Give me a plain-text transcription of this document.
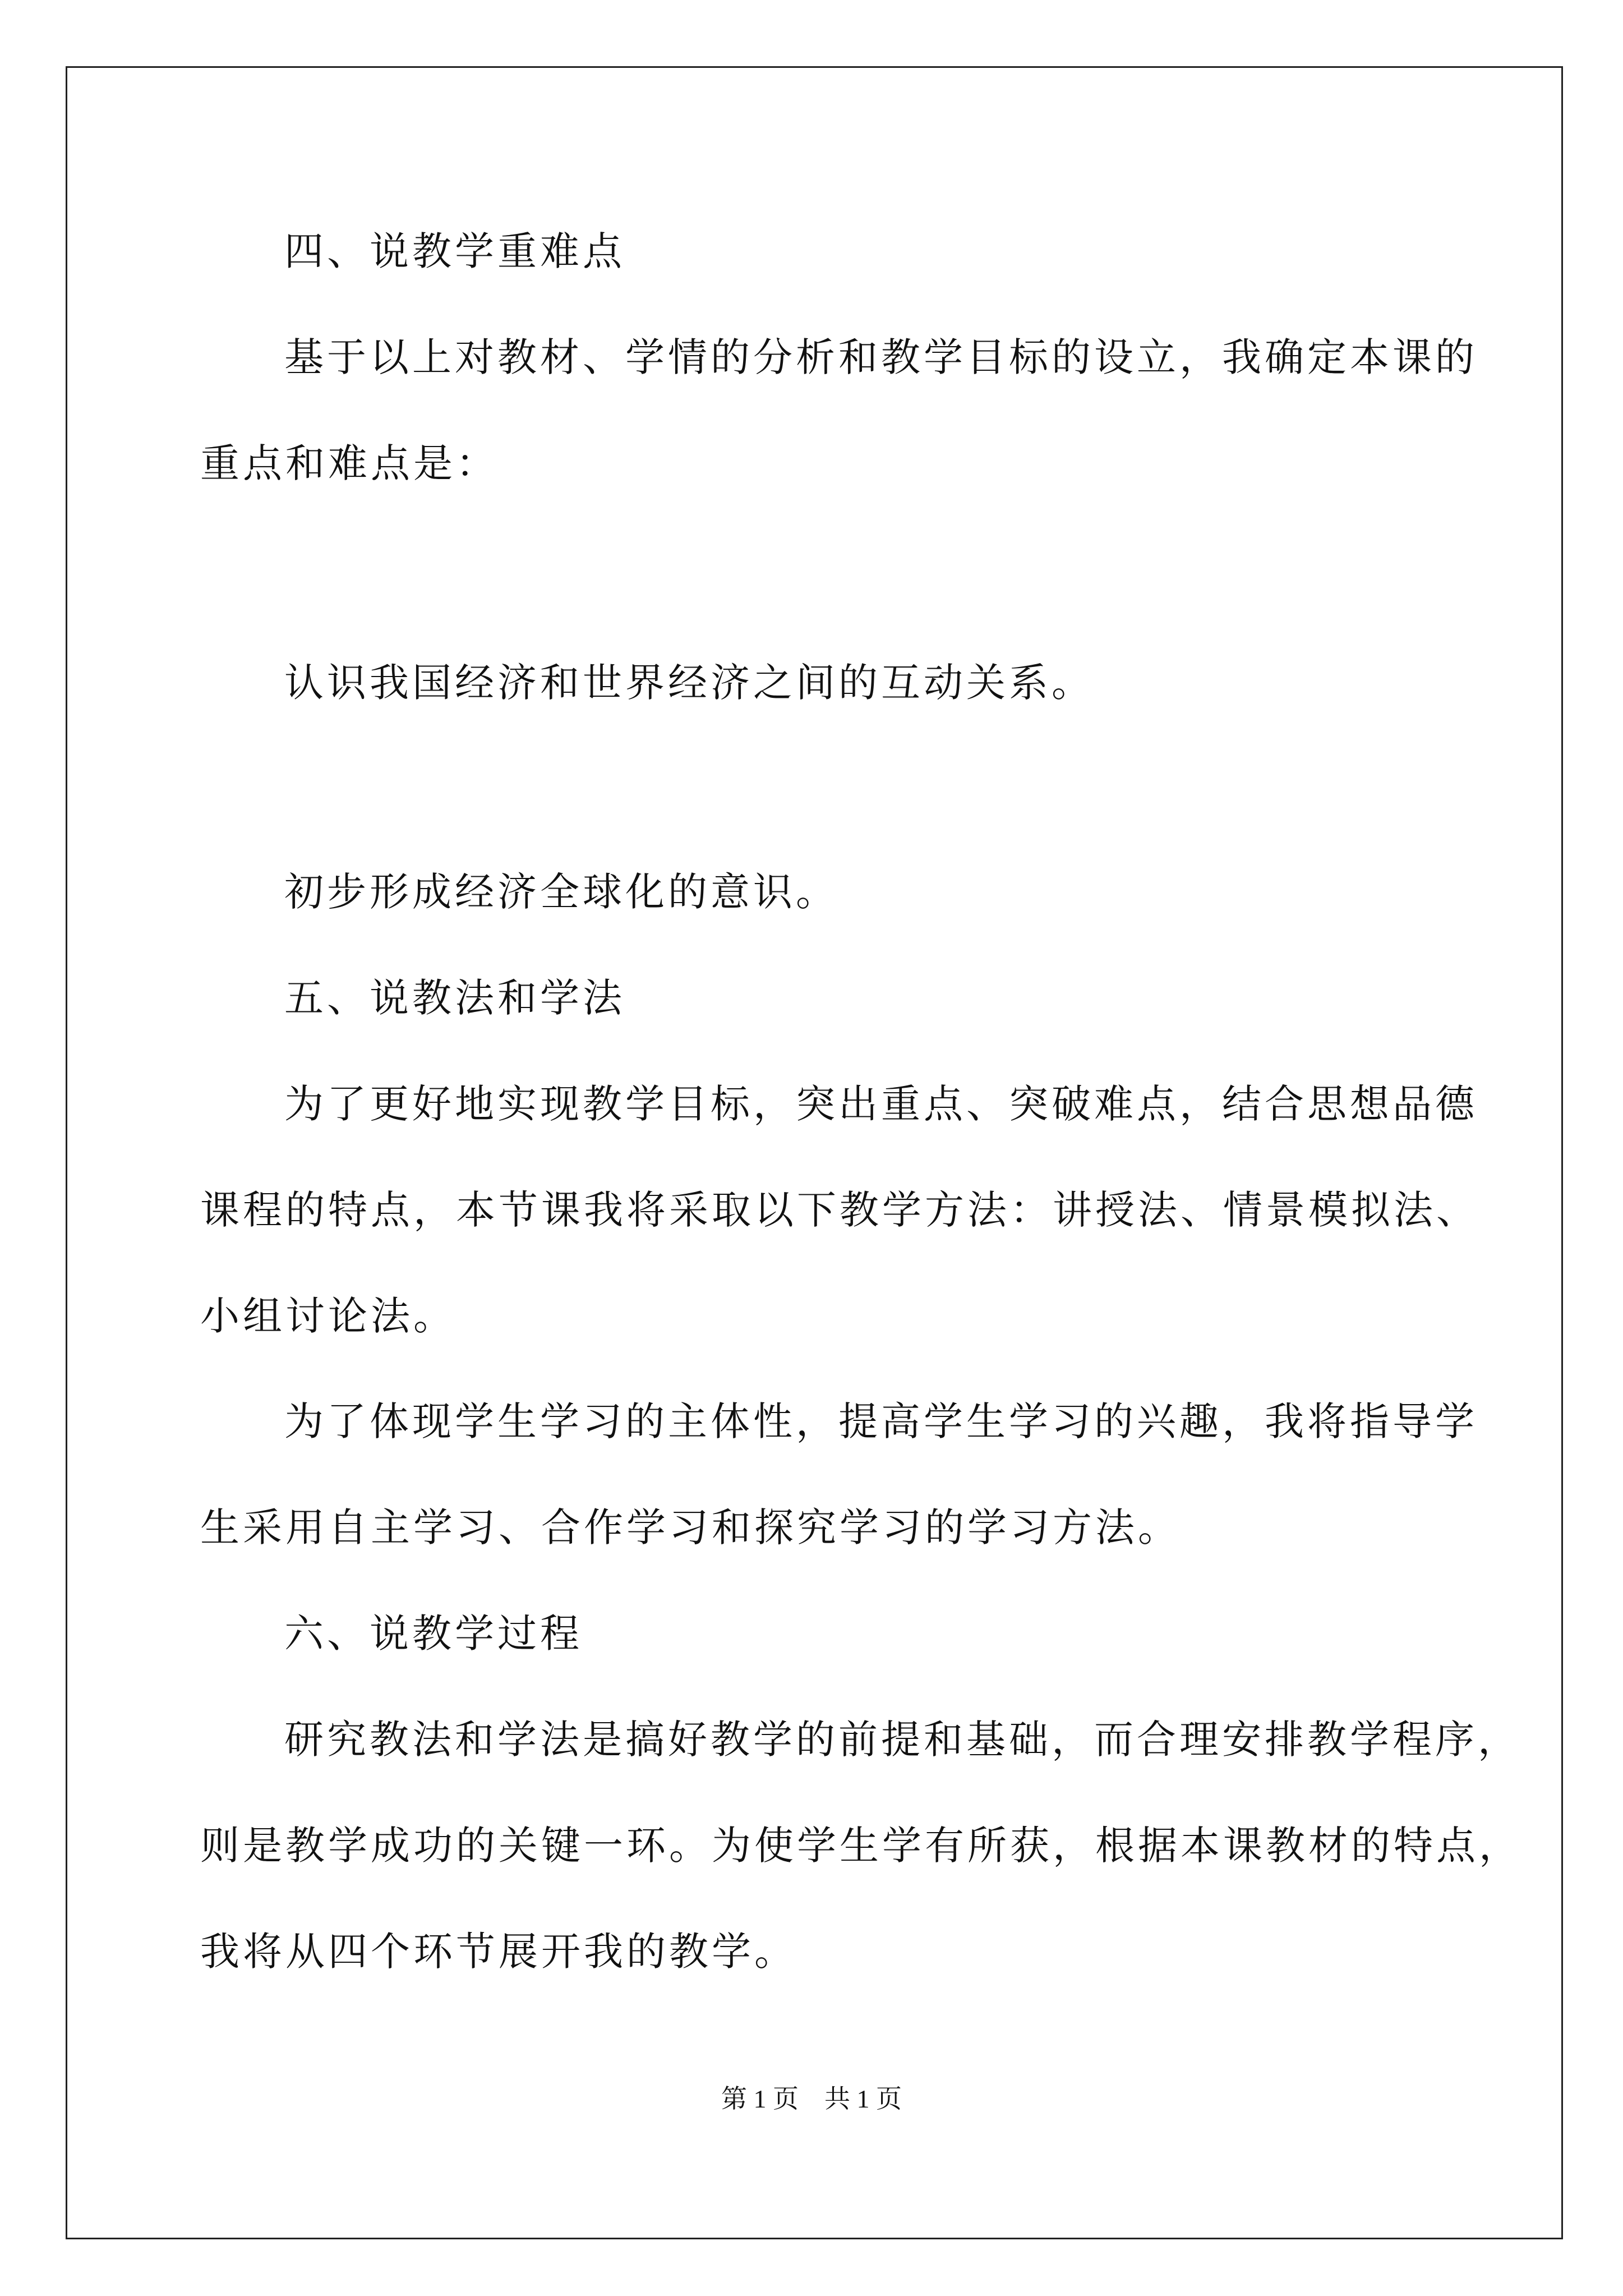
四、说教学重难点
基于以上对教材、学情的分析和教学目标的设立，我确定本课的
重点和难点是：
认识我国经济和世界经济之间的互动关系。
初步形成经济全球化的意识。
五、说教法和学法
为了更好地实现教学目标，突出重点、突破难点，结合思想品德
课程的特点，本节课我将采取以下教学方法：讲授法、情景模拟法、
小组讨论法。
为了体现学生学习的主体性，提高学生学习的兴趣，我将指导学
生采用自主学习、合作学习和探究学习的学习方法。
六、说教学过程
研究教法和学法是搞好教学的前提和基础，而合理安排教学程序，
则是教学成功的关键一环。为使学生学有所获，根据本课教材的特点，
我将从四个环节展开我的教学。
第 1 页　共 1 页
